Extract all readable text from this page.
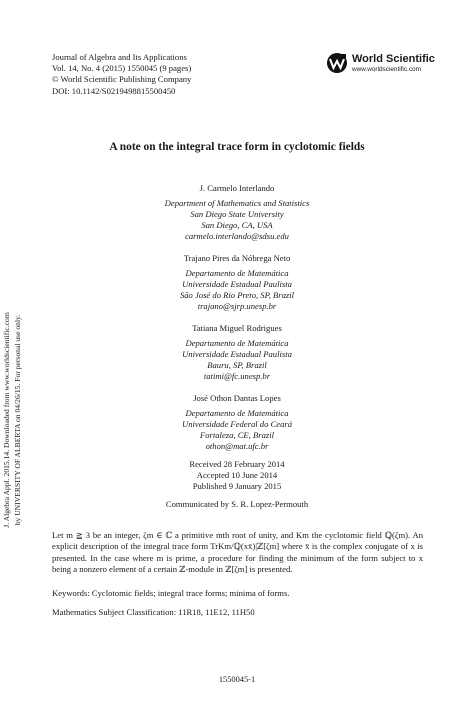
Journal of Algebra and Its Applications
Vol. 14, No. 4 (2015) 1550045 (9 pages)
© World Scientific Publishing Company
DOI: 10.1142/S0219498815500450
World Scientific
www.worldscientific.com
J. Algebra Appl. 2015.14. Downloaded from www.worldscientific.com by UNIVERSITY OF ALBERTA on 04/26/15. For personal use only.
A note on the integral trace form in cyclotomic fields
J. Carmelo Interlando
Department of Mathematics and Statistics
San Diego State University
San Diego, CA, USA
carmelo.interlando@sdsu.edu
Trajano Pires da Nóbrega Neto
Departamento de Matemática
Universidade Estadual Paulista
São José do Rio Preto, SP, Brazil
trajano@sjrp.unesp.br
Tatiana Miguel Rodrigues
Departamento de Matemática
Universidade Estadual Paulista
Bauru, SP, Brazil
tatimi@fc.unesp.br
José Othon Dantas Lopes
Departamento de Matemática
Universidade Federal do Ceará
Fortaleza, CE, Brazil
othon@mat.ufc.br
Received 28 February 2014
Accepted 10 June 2014
Published 9 January 2015
Communicated by S. R. Lopez-Permouth
Let m ≧ 3 be an integer, ζm ∈ ℂ a primitive mth root of unity, and Km the cyclotomic field ℚ(ζm). An explicit description of the integral trace form TrKm/ℚ(xx̄)|ℤ[ζm] where x̄ is the complex conjugate of x is presented. In the case where m is prime, a procedure for finding the minimum of the form subject to x being a nonzero element of a certain ℤ-module in ℤ[ζm] is presented.
Keywords: Cyclotomic fields; integral trace forms; minima of forms.
Mathematics Subject Classification: 11R18, 11E12, 11H50
1550045-1
